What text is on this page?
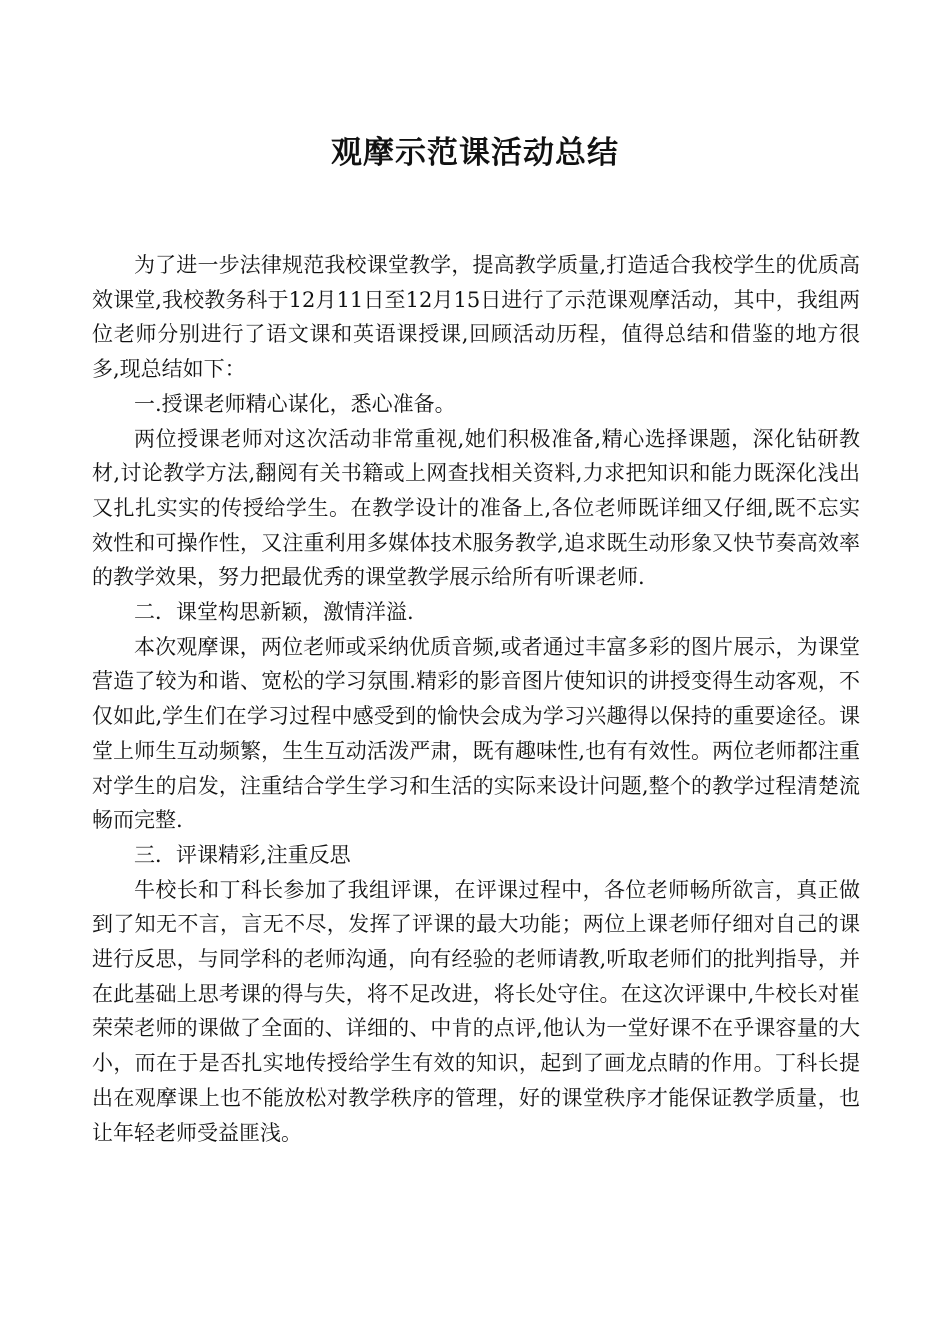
观摩示范课活动总结

为了进一步法律规范我校课堂教学，提高教学质量,打造适合我校学生的优质高效课堂,我校教务科于12月11日至12月15日进行了示范课观摩活动，其中，我组两位老师分别进行了语文课和英语课授课,回顾活动历程，值得总结和借鉴的地方很多,现总结如下：

一.授课老师精心谋化，悉心准备。

两位授课老师对这次活动非常重视,她们积极准备,精心选择课题，深化钻研教材,讨论教学方法,翻阅有关书籍或上网查找相关资料,力求把知识和能力既深化浅出又扎扎实实的传授给学生。在教学设计的准备上,各位老师既详细又仔细,既不忘实效性和可操作性，又注重利用多媒体技术服务教学,追求既生动形象又快节奏高效率的教学效果，努力把最优秀的课堂教学展示给所有听课老师.

二．课堂构思新颖，激情洋溢.

本次观摩课，两位老师或采纳优质音频,或者通过丰富多彩的图片展示，为课堂营造了较为和谐、宽松的学习氛围.精彩的影音图片使知识的讲授变得生动客观，不仅如此,学生们在学习过程中感受到的愉快会成为学习兴趣得以保持的重要途径。课堂上师生互动频繁，生生互动活泼严肃，既有趣味性,也有有效性。两位老师都注重对学生的启发，注重结合学生学习和生活的实际来设计问题,整个的教学过程清楚流畅而完整.

三．评课精彩,注重反思

牛校长和丁科长参加了我组评课，在评课过程中，各位老师畅所欲言，真正做到了知无不言，言无不尽，发挥了评课的最大功能；两位上课老师仔细对自己的课进行反思，与同学科的老师沟通，向有经验的老师请教,听取老师们的批判指导，并在此基础上思考课的得与失，将不足改进，将长处守住。在这次评课中,牛校长对崔荣荣老师的课做了全面的、详细的、中肯的点评,他认为一堂好课不在乎课容量的大小，而在于是否扎实地传授给学生有效的知识，起到了画龙点睛的作用。丁科长提出在观摩课上也不能放松对教学秩序的管理，好的课堂秩序才能保证教学质量，也让年轻老师受益匪浅。
